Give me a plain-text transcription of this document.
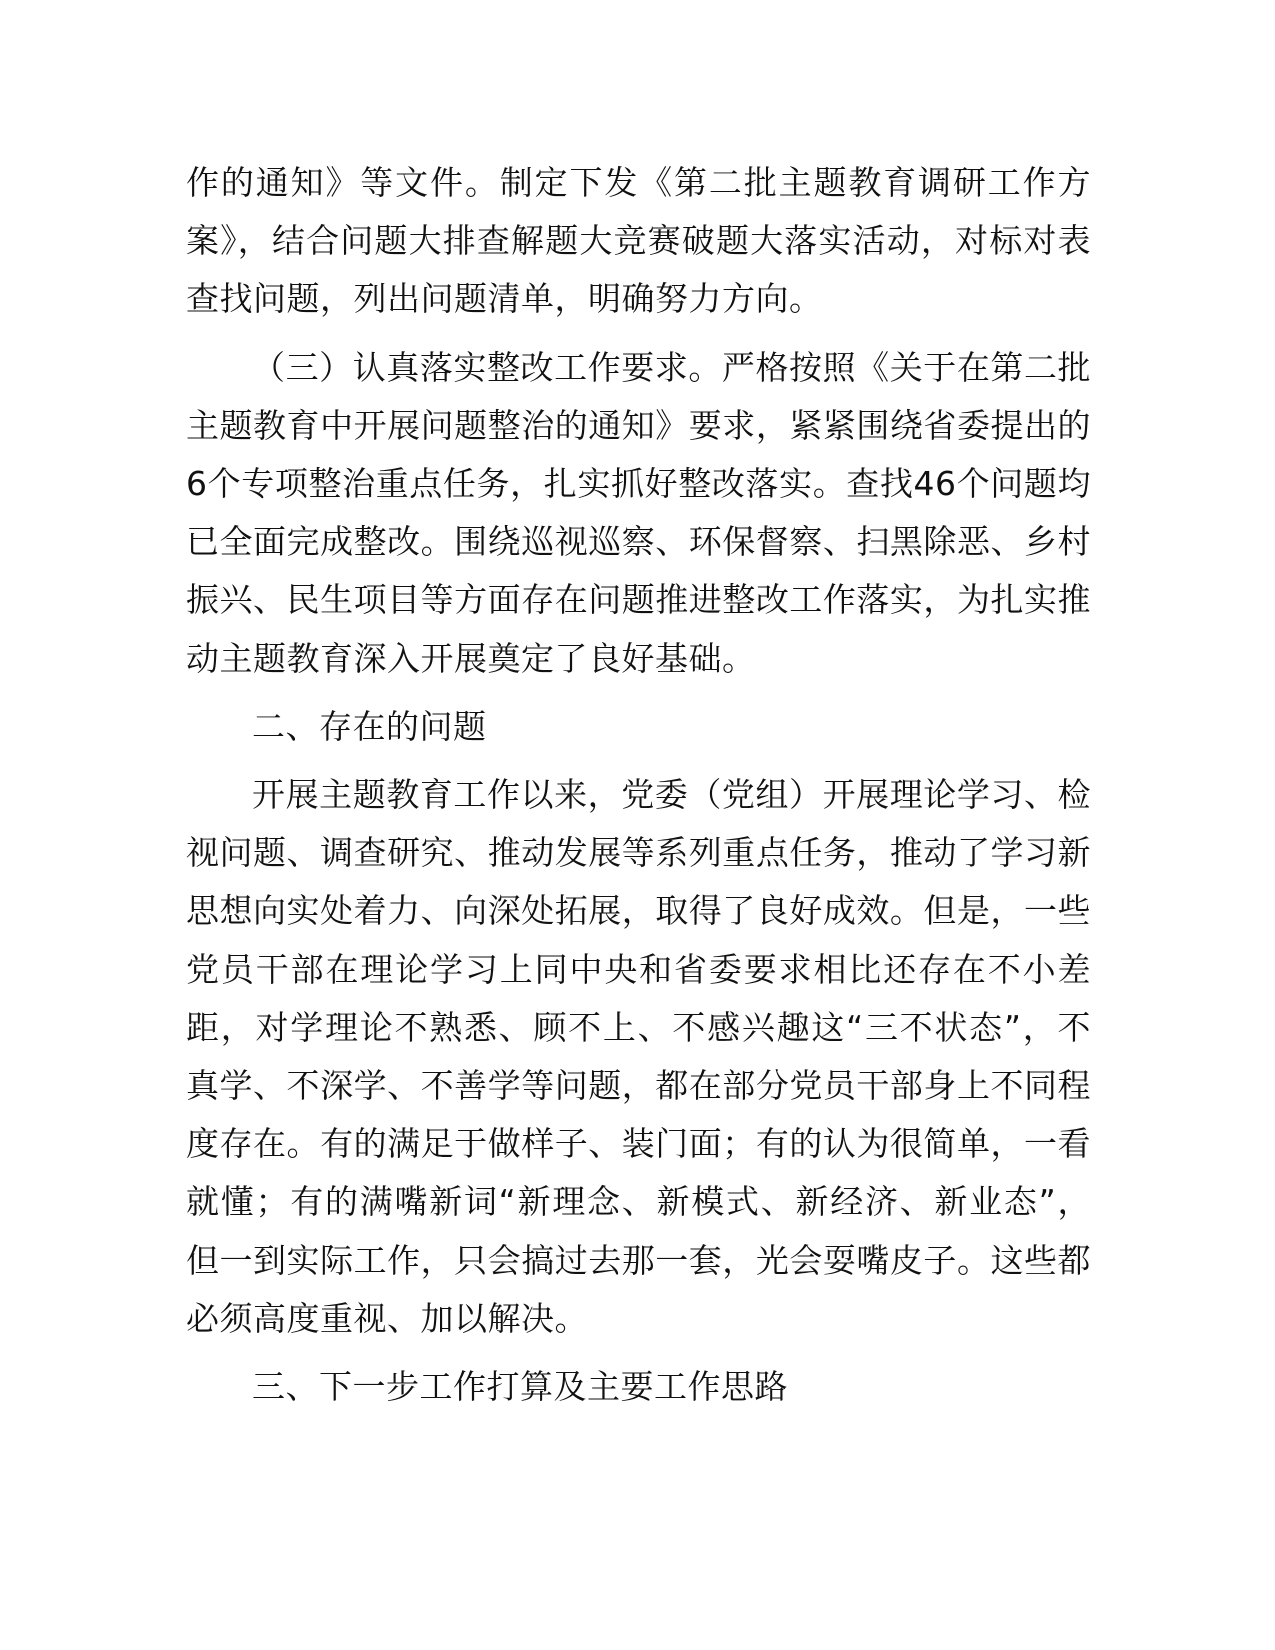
作的通知》等文件。制定下发《第二批主题教育调研工作方案》，结合问题大排查解题大竞赛破题大落实活动，对标对表查找问题，列出问题清单，明确努力方向。

（三）认真落实整改工作要求。严格按照《关于在第二批主题教育中开展问题整治的通知》要求，紧紧围绕省委提出的6个专项整治重点任务，扎实抓好整改落实。查找46个问题均已全面完成整改。围绕巡视巡察、环保督察、扫黑除恶、乡村振兴、民生项目等方面存在问题推进整改工作落实，为扎实推动主题教育深入开展奠定了良好基础。

二、存在的问题

开展主题教育工作以来，党委（党组）开展理论学习、检视问题、调查研究、推动发展等系列重点任务，推动了学习新思想向实处着力、向深处拓展，取得了良好成效。但是，一些党员干部在理论学习上同中央和省委要求相比还存在不小差距，对学理论不熟悉、顾不上、不感兴趣这“三不状态”，不真学、不深学、不善学等问题，都在部分党员干部身上不同程度存在。有的满足于做样子、装门面；有的认为很简单，一看就懂；有的满嘴新词“新理念、新模式、新经济、新业态”，但一到实际工作，只会搞过去那一套，光会耍嘴皮子。这些都必须高度重视、加以解决。

三、下一步工作打算及主要工作思路
